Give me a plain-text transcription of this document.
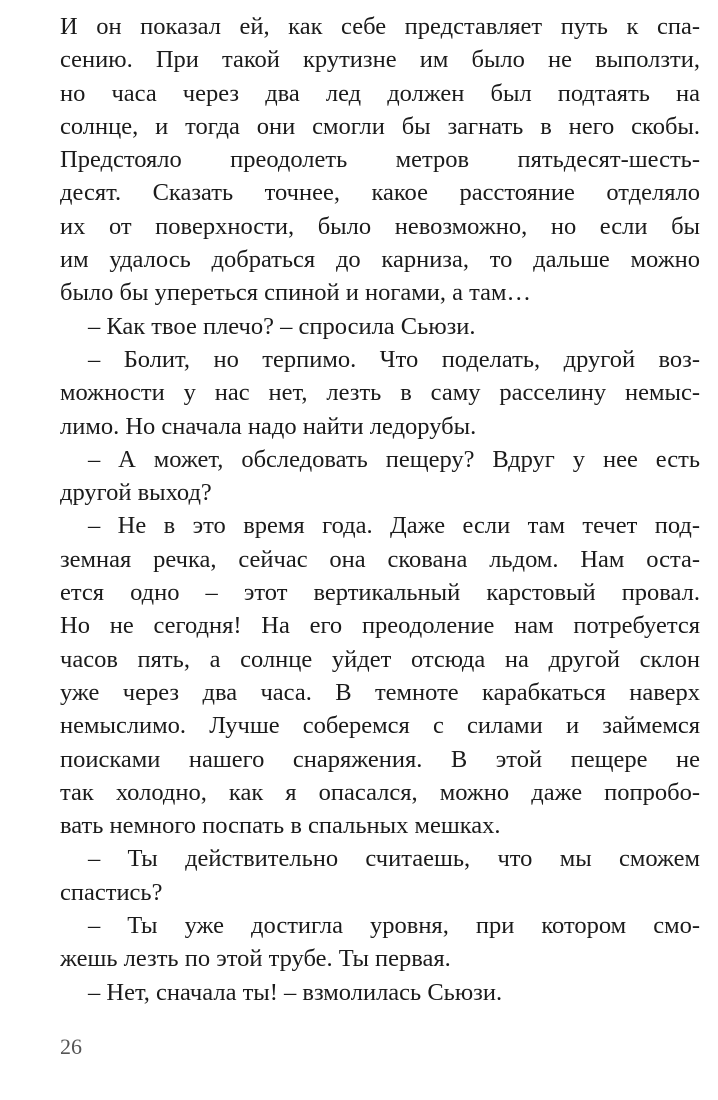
И он показал ей, как себе представляет путь к спа-
сению. При такой крутизне им было не выползти,
но часа через два лед должен был подтаять на
солнце, и тогда они смогли бы загнать в него скобы.
Предстояло преодолеть метров пятьдесят-шесть-
десят. Сказать точнее, какое расстояние отделяло
их от поверхности, было невозможно, но если бы
им удалось добраться до карниза, то дальше можно
было бы упереться спиной и ногами, а там…
– Как твое плечо? – спросила Сьюзи.
– Болит, но терпимо. Что поделать, другой воз-
можности у нас нет, лезть в саму расселину немыс-
лимо. Но сначала надо найти ледорубы.
– А может, обследовать пещеру? Вдруг у нее есть
другой выход?
– Не в это время года. Даже если там течет под-
земная речка, сейчас она скована льдом. Нам оста-
ется одно – этот вертикальный карстовый провал.
Но не сегодня! На его преодоление нам потребуется
часов пять, а солнце уйдет отсюда на другой склон
уже через два часа. В темноте карабкаться наверх
немыслимо. Лучше соберемся с силами и займемся
поисками нашего снаряжения. В этой пещере не
так холодно, как я опасался, можно даже попробо-
вать немного поспать в спальных мешках.
– Ты действительно считаешь, что мы сможем
спастись?
– Ты уже достигла уровня, при котором смо-
жешь лезть по этой трубе. Ты первая.
– Нет, сначала ты! – взмолилась Сьюзи.
26
